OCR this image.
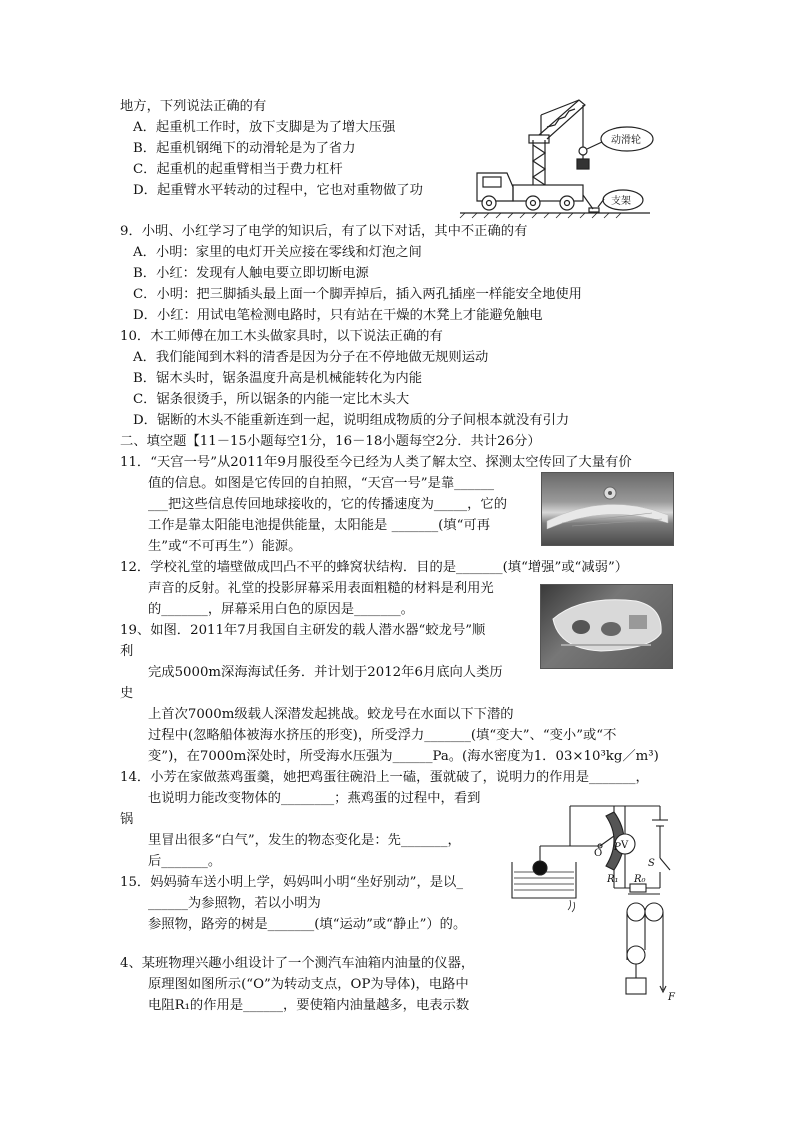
地方，下列说法正确的有
A．起重机工作时，放下支脚是为了增大压强
B．起重机钢绳下的动滑轮是为了省力
C．起重机的起重臂相当于费力杠杆
D．起重臂水平转动的过程中，它也对重物做了功
9．小明、小红学习了电学的知识后，有了以下对话，其中不正确的有
A．小明：家里的电灯开关应接在零线和灯泡之间
B．小红：发现有人触电要立即切断电源
C．小明：把三脚插头最上面一个脚弄掉后，插入两孔插座一样能安全地使用
D．小红：用试电笔检测电路时，只有站在干燥的木凳上才能避免触电
10．木工师傅在加工木头做家具时，以下说法正确的有
A．我们能闻到木料的清香是因为分子在不停地做无规则运动
B．锯木头时，锯条温度升高是机械能转化为内能
C．锯条很烫手，所以锯条的内能一定比木头大
D．锯断的木头不能重新连到一起，说明组成物质的分子间根本就没有引力
二、填空题【11－15小题每空1分，16－18小题每空2分．共计26分）
11．“天宫一号”从2011年9月服役至今已经为人类了解太空、探测太空传回了大量有价
值的信息。如图是它传回的自拍照，“天宫一号”是靠______
___把这些信息传回地球接收的，它的传播速度为_____，它的
工作是靠太阳能电池提供能量，太阳能是 _______(填“可再
生”或“不可再生”）能源。
12．学校礼堂的墙壁做成凹凸不平的蜂窝状结构．目的是_______(填“增强”或“减弱”）
声音的反射。礼堂的投影屏幕采用表面粗糙的材料是利用光
的_______，屏幕采用白色的原因是_______。
19、如图．2011年7月我国自主研发的载人潜水器“蛟龙号”顺
利
完成5000m深海海试任务．并计划于2012年6月底向人类历
史
上首次7000m级载人深潜发起挑战。蛟龙号在水面以下下潜的
过程中(忽略船体被海水挤压的形变)，所受浮力_______(填“变大”、“变小”或“不
变”)，在7000m深处时，所受海水压强为______Pa。(海水密度为1．03×10³kg／m³)
14．小芳在家做蒸鸡蛋羹，她把鸡蛋往碗沿上一磕，蛋就破了，说明力的作用是_______，
也说明力能改变物体的________；燕鸡蛋的过程中，看到
锅
里冒出很多“白气”，发生的物态变化是：先_______，
后_______。
15．妈妈骑车送小明上学，妈妈叫小明“坐好别动”，是以_
______为参照物，若以小明为
参照物，路旁的树是_______(填“运动”或“静止”）的。
4、某班物理兴趣小组设计了一个测汽车油箱内油量的仪器，
原理图如图所示(“O”为转动支点，OP为导体)，电路中
电阻R₁的作用是______，要使箱内油量越多，电表示数
动滑轮
支架
O
P V
R₁
S
R₀
F
